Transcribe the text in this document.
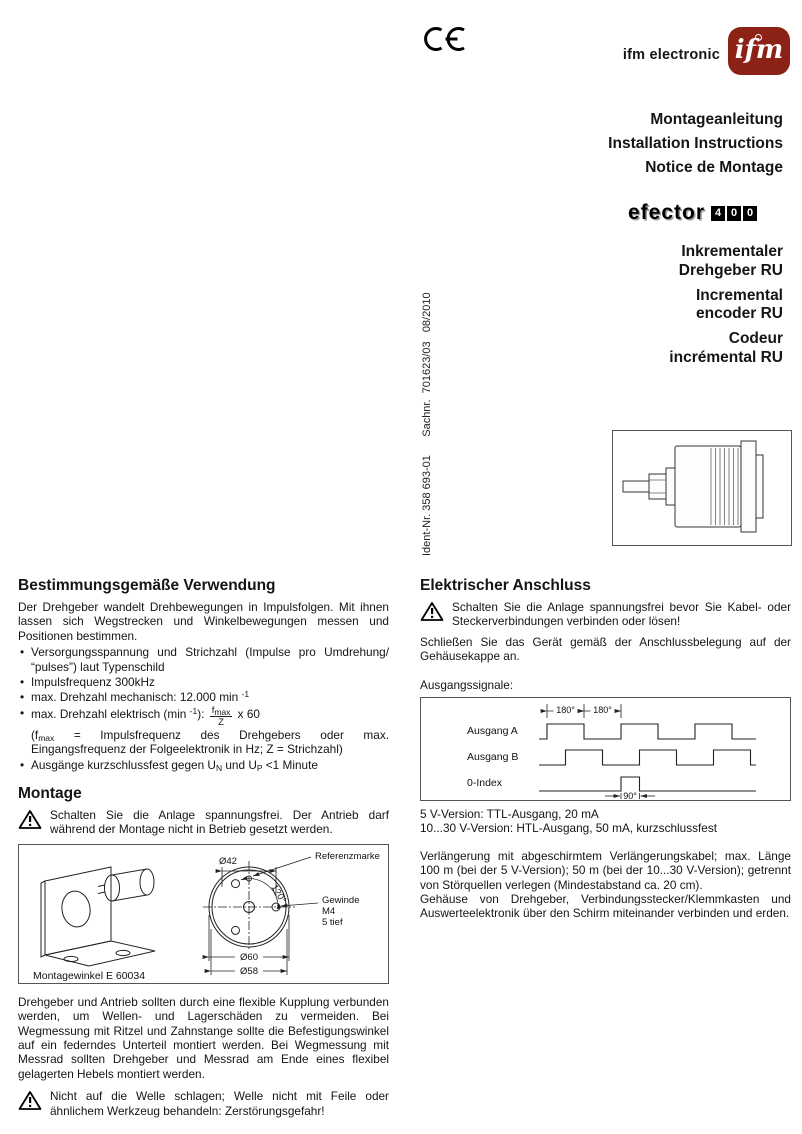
ifm electronic ifm
Montageanleitung
Installation Instructions
Notice de Montage
efector 4 0 0
Inkrementaler
Drehgeber RU
Incremental
encoder RU
Codeur
incrémental RU
Ident-Nr. 358 693-01      Sachnr.  701623/03   08/2010
Bestimmungsgemäße Verwendung

Der Drehgeber wandelt Drehbewegungen in Impulsfolgen. Mit ihnen lassen sich Wegstrecken und Winkelbewegungen messen und Positionen bestimmen.

• Versorgungsspannung und Strichzahl (Impulse pro Umdrehung/ “pulses”) laut Typenschild
• Impulsfrequenz 300kHz
• max. Drehzahl mechanisch: 12.000 min $^{-1}$
• max. Drehzahl elektrisch (min $^{-1}$): $\frac{f_{max}}{Z}$ x 60
($f_{max}$ = Impulsfrequenz des Drehgebers oder max. Eingangsfrequenz der Folgeelektronik in Hz; Z = Strichzahl)
• Ausgänge kurzschlussfest gegen $U_N$ und $U_P <1$ Minute
Montage

Schalten Sie die Anlage spannungsfrei. Der Antrieb darf während der Montage nicht in Betrieb gesetzt werden.

Referenzmarke
Ø42
Gewinde
M4
5 tief
120°
Ø60
Ø58
Montagewinkel E 60034

Drehgeber und Antrieb sollten durch eine flexible Kupplung verbunden werden, um Wellen- und Lagerschäden zu vermeiden. Bei Wegmessung mit Ritzel und Zahnstange sollte die Befestigungswinkel auf ein federndes Unterteil montiert werden. Bei Wegmessung mit Messrad sollten Drehgeber und Messrad am Ende eines flexibel gelagerten Hebels montiert werden.

Nicht auf die Welle schlagen; Welle nicht mit Feile oder ähnlichem Werkzeug behandeln: Zerstörungsgefahr!

Elektrischer Anschluss

Schalten Sie die Anlage spannungsfrei bevor Sie Kabel- oder Steckerverbindungen verbinden oder lösen!

Schließen Sie das Gerät gemäß der Anschlussbelegung auf der Gehäusekappe an.

Ausgangssignale:

Ausgang A
Ausgang B
0-Index
180° 180°
90°
5 V-Version: TTL-Ausgang, 20 mA
10...30 V-Version: HTL-Ausgang, 50 mA, kurzschlussfest

Verlängerung mit abgeschirmtem Verlängerungskabel; max. Länge 100 m (bei der 5 V-Version); 50 m (bei der 10...30 V-Version); getrennt von Störquellen verlegen (Mindestabstand ca. 20 cm).

Gehäuse von Drehgeber, Verbindungsstecker/Klemmkasten und Auswerteelektronik über den Schirm miteinander verbinden und erden.
